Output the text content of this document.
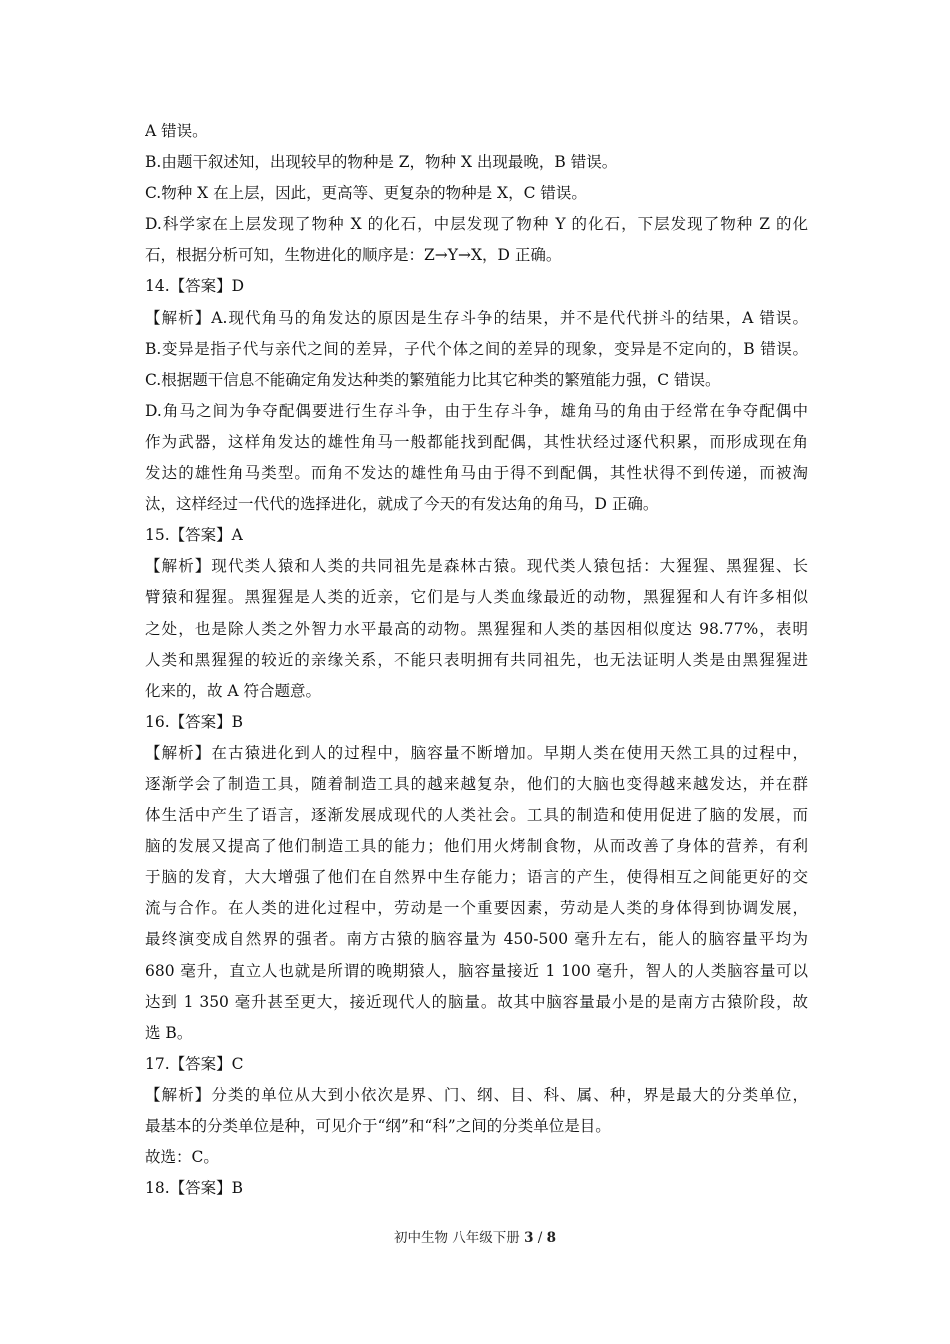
A 错误。
B.由题干叙述知，出现较早的物种是 Z，物种 X 出现最晚，B 错误。
C.物种 X 在上层，因此，更高等、更复杂的物种是 X，C 错误。
D.科学家在上层发现了物种 X 的化石，中层发现了物种 Y 的化石，下层发现了物种 Z 的化
石，根据分析可知，生物进化的顺序是：Z→Y→X，D 正确。
14.【答案】D
【解析】A.现代角马的角发达的原因是生存斗争的结果，并不是代代拼斗的结果，A 错误。
B.变异是指子代与亲代之间的差异，子代个体之间的差异的现象，变异是不定向的，B 错误。
C.根据题干信息不能确定角发达种类的繁殖能力比其它种类的繁殖能力强，C 错误。
D.角马之间为争夺配偶要进行生存斗争，由于生存斗争，雄角马的角由于经常在争夺配偶中
作为武器，这样角发达的雄性角马一般都能找到配偶，其性状经过逐代积累，而形成现在角
发达的雄性角马类型。而角不发达的雄性角马由于得不到配偶，其性状得不到传递，而被淘
汰，这样经过一代代的选择进化，就成了今天的有发达角的角马，D 正确。
15.【答案】A
【解析】现代类人猿和人类的共同祖先是森林古猿。现代类人猿包括：大猩猩、黑猩猩、长
臂猿和猩猩。黑猩猩是人类的近亲，它们是与人类血缘最近的动物，黑猩猩和人有许多相似
之处，也是除人类之外智力水平最高的动物。黑猩猩和人类的基因相似度达 98.77%，表明
人类和黑猩猩的较近的亲缘关系，不能只表明拥有共同祖先，也无法证明人类是由黑猩猩进
化来的，故 A 符合题意。
16.【答案】B
【解析】在古猿进化到人的过程中，脑容量不断增加。早期人类在使用天然工具的过程中，
逐渐学会了制造工具，随着制造工具的越来越复杂，他们的大脑也变得越来越发达，并在群
体生活中产生了语言，逐渐发展成现代的人类社会。工具的制造和使用促进了脑的发展，而
脑的发展又提高了他们制造工具的能力；他们用火烤制食物，从而改善了身体的营养，有利
于脑的发育，大大增强了他们在自然界中生存能力；语言的产生，使得相互之间能更好的交
流与合作。在人类的进化过程中，劳动是一个重要因素，劳动是人类的身体得到协调发展，
最终演变成自然界的强者。南方古猿的脑容量为 450-500 毫升左右，能人的脑容量平均为
680 毫升，直立人也就是所谓的晚期猿人，脑容量接近 1 100 毫升，智人的人类脑容量可以
达到 1 350 毫升甚至更大，接近现代人的脑量。故其中脑容量最小是的是南方古猿阶段，故
选 B。
17.【答案】C
【解析】分类的单位从大到小依次是界、门、纲、目、科、属、种，界是最大的分类单位，
最基本的分类单位是种，可见介于“纲”和“科”之间的分类单位是目。
故选：C。
18.【答案】B
初中生物 八年级下册 3 / 8
